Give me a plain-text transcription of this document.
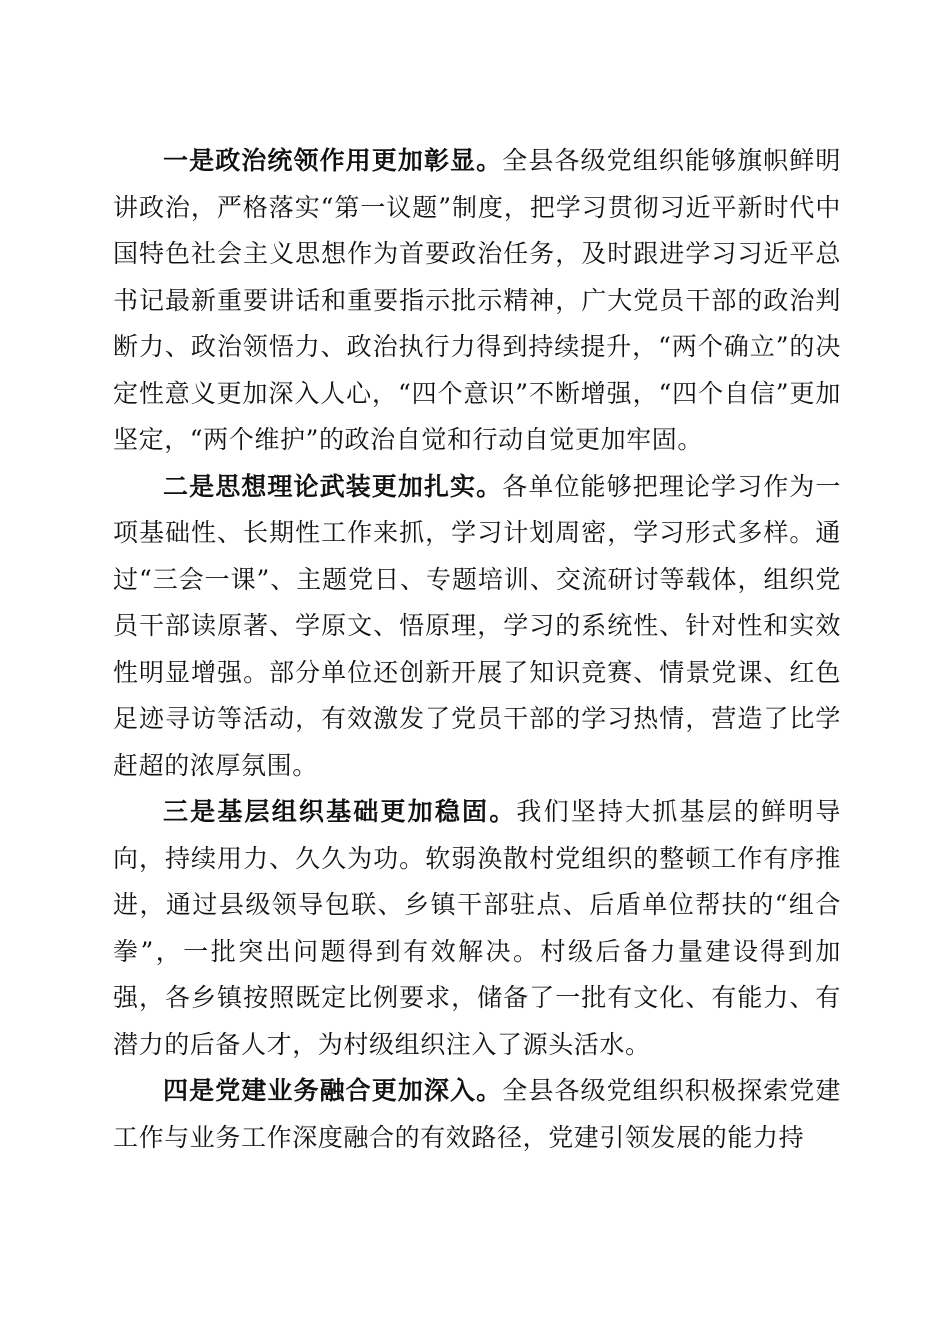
一是政治统领作用更加彰显。全县各级党组织能够旗帜鲜明讲政治，严格落实“第一议题”制度，把学习贯彻习近平新时代中国特色社会主义思想作为首要政治任务，及时跟进学习习近平总书记最新重要讲话和重要指示批示精神，广大党员干部的政治判断力、政治领悟力、政治执行力得到持续提升，“两个确立”的决定性意义更加深入人心，“四个意识”不断增强，“四个自信”更加坚定，“两个维护”的政治自觉和行动自觉更加牢固。

二是思想理论武装更加扎实。各单位能够把理论学习作为一项基础性、长期性工作来抓，学习计划周密，学习形式多样。通过“三会一课”、主题党日、专题培训、交流研讨等载体，组织党员干部读原著、学原文、悟原理，学习的系统性、针对性和实效性明显增强。部分单位还创新开展了知识竞赛、情景党课、红色足迹寻访等活动，有效激发了党员干部的学习热情，营造了比学赶超的浓厚氛围。

三是基层组织基础更加稳固。我们坚持大抓基层的鲜明导向，持续用力、久久为功。软弱涣散村党组织的整顿工作有序推进，通过县级领导包联、乡镇干部驻点、后盾单位帮扶的“组合拳”，一批突出问题得到有效解决。村级后备力量建设得到加强，各乡镇按照既定比例要求，储备了一批有文化、有能力、有潜力的后备人才，为村级组织注入了源头活水。

四是党建业务融合更加深入。全县各级党组织积极探索党建工作与业务工作深度融合的有效路径，党建引领发展的能力持
